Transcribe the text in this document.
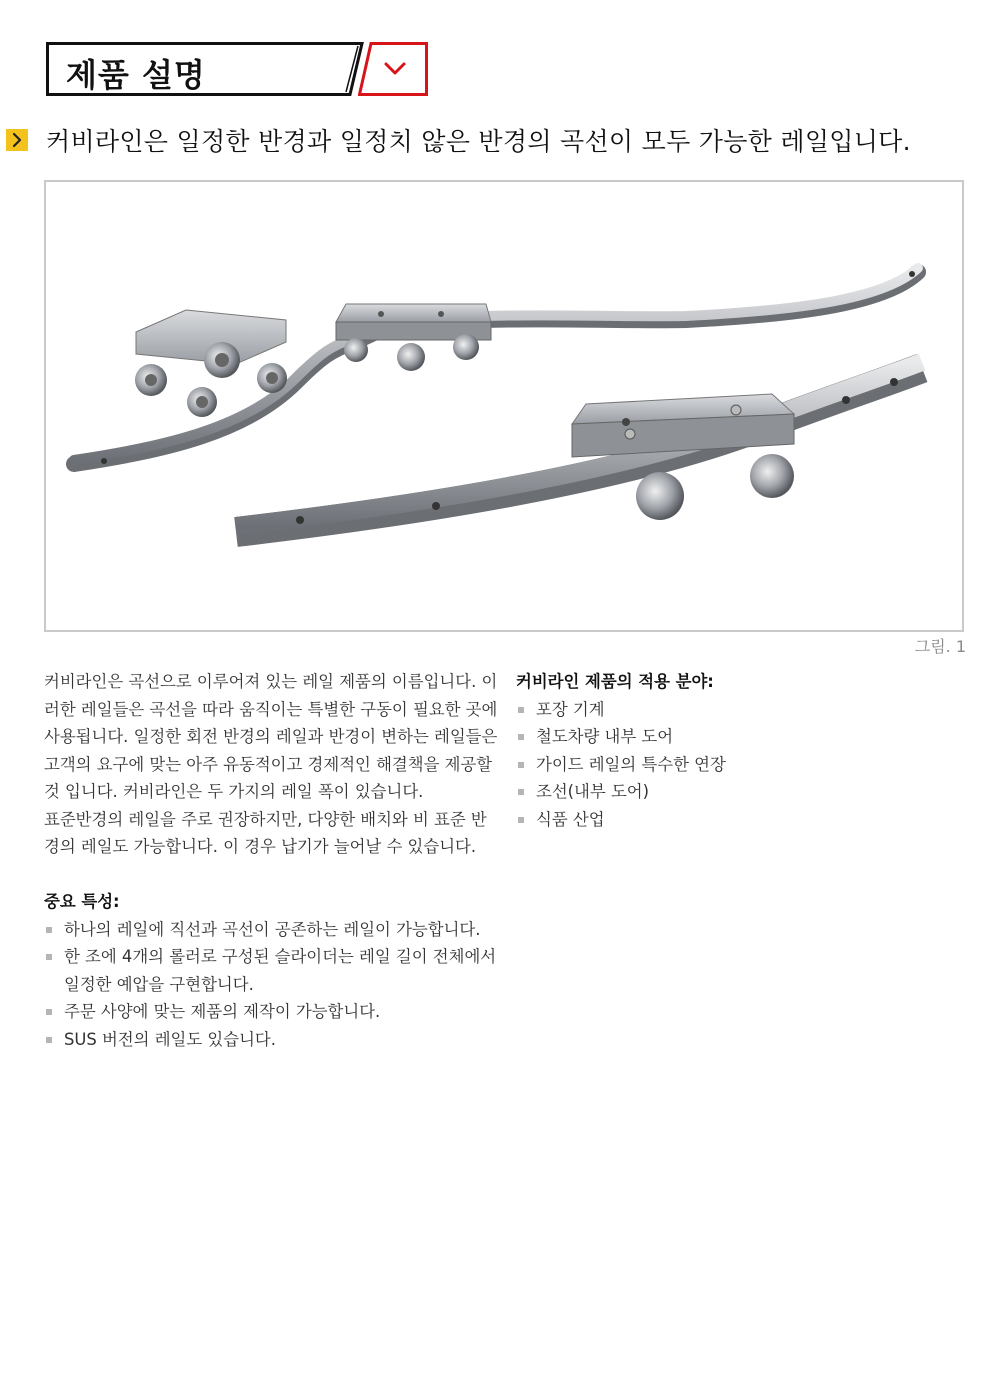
제품 설명
커비라인은 일정한 반경과 일정치 않은 반경의 곡선이 모두 가능한 레일입니다.
그림. 1

커비라인은 곡선으로 이루어져 있는 레일 제품의 이름입니다. 이러한 레일들은 곡선을 따라 움직이는 특별한 구동이 필요한 곳에 사용됩니다. 일정한 회전 반경의 레일과 반경이 변하는 레일들은 고객의 요구에 맞는 아주 유동적이고 경제적인 해결책을 제공할 것 입니다. 커비라인은 두 가지의 레일 폭이 있습니다.

표준반경의 레일을 주로 권장하지만, 다양한 배치와 비 표준 반경의 레일도 가능합니다. 이 경우 납기가 늘어날 수 있습니다.

중요 특성:

하나의 레일에 직선과 곡선이 공존하는 레일이 가능합니다.
한 조에 4개의 롤러로 구성된 슬라이더는 레일 길이 전체에서 일정한 예압을 구현합니다.
주문 사양에 맞는 제품의 제작이 가능합니다.
SUS 버전의 레일도 있습니다.

커비라인 제품의 적용 분야:

포장 기계
철도차량 내부 도어
가이드 레일의 특수한 연장
조선(내부 도어)
식품 산업
